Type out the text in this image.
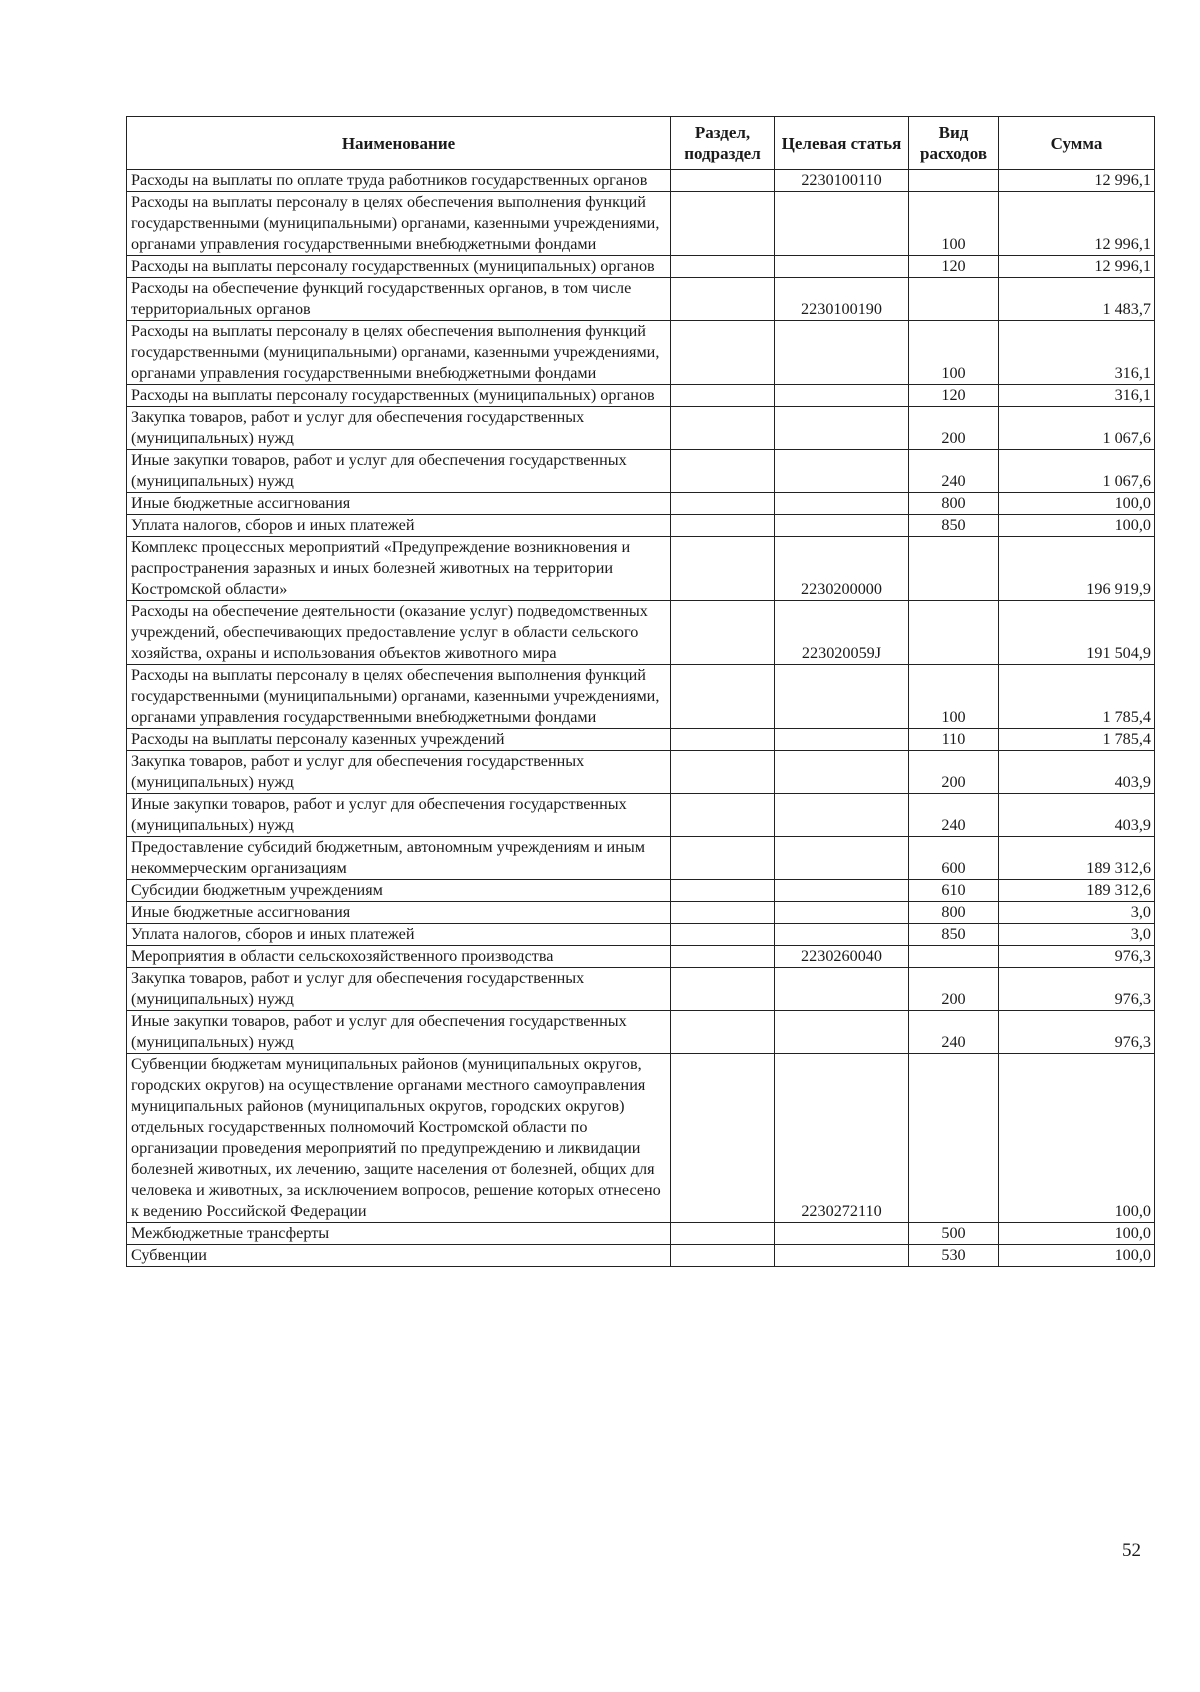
Наименование	Раздел, подраздел	Целевая статья	Вид расходов	Сумма
Расходы на выплаты по оплате труда работников государственных органов		2230100110		12 996,1
Расходы на выплаты персоналу в целях обеспечения выполнения функций государственными (муниципальными) органами, казенными учреждениями, органами управления государственными внебюджетными фондами			100	12 996,1
Расходы на выплаты персоналу государственных (муниципальных) органов			120	12 996,1
Расходы на обеспечение функций государственных органов, в том числе территориальных органов		2230100190		1 483,7
Расходы на выплаты персоналу в целях обеспечения выполнения функций государственными (муниципальными) органами, казенными учреждениями, органами управления государственными внебюджетными фондами			100	316,1
Расходы на выплаты персоналу государственных (муниципальных) органов			120	316,1
Закупка товаров, работ и услуг для обеспечения государственных (муниципальных) нужд			200	1 067,6
Иные закупки товаров, работ и услуг для обеспечения государственных (муниципальных) нужд			240	1 067,6
Иные бюджетные ассигнования			800	100,0
Уплата налогов, сборов и иных платежей			850	100,0
Комплекс процессных мероприятий «Предупреждение возникновения и распространения заразных и иных болезней животных на территории Костромской области»		2230200000		196 919,9
Расходы на обеспечение деятельности (оказание услуг) подведомственных учреждений, обеспечивающих предоставление услуг в области сельского хозяйства, охраны и использования объектов животного мира		223020059J		191 504,9
Расходы на выплаты персоналу в целях обеспечения выполнения функций государственными (муниципальными) органами, казенными учреждениями, органами управления государственными внебюджетными фондами			100	1 785,4
Расходы на выплаты персоналу казенных учреждений			110	1 785,4
Закупка товаров, работ и услуг для обеспечения государственных (муниципальных) нужд			200	403,9
Иные закупки товаров, работ и услуг для обеспечения государственных (муниципальных) нужд			240	403,9
Предоставление субсидий бюджетным, автономным учреждениям и иным некоммерческим организациям			600	189 312,6
Субсидии бюджетным учреждениям			610	189 312,6
Иные бюджетные ассигнования			800	3,0
Уплата налогов, сборов и иных платежей			850	3,0
Мероприятия в области сельскохозяйственного производства		2230260040		976,3
Закупка товаров, работ и услуг для обеспечения государственных (муниципальных) нужд			200	976,3
Иные закупки товаров, работ и услуг для обеспечения государственных (муниципальных) нужд			240	976,3
Субвенции бюджетам муниципальных районов (муниципальных округов, городских округов) на осуществление органами местного самоуправления муниципальных районов (муниципальных округов, городских округов) отдельных государственных полномочий Костромской области по организации проведения мероприятий по предупреждению и ликвидации болезней животных, их лечению, защите населения от болезней, общих для человека и животных, за исключением вопросов, решение которых отнесено к ведению Российской Федерации		2230272110		100,0
Межбюджетные трансферты			500	100,0
Субвенции			530	100,0
52
